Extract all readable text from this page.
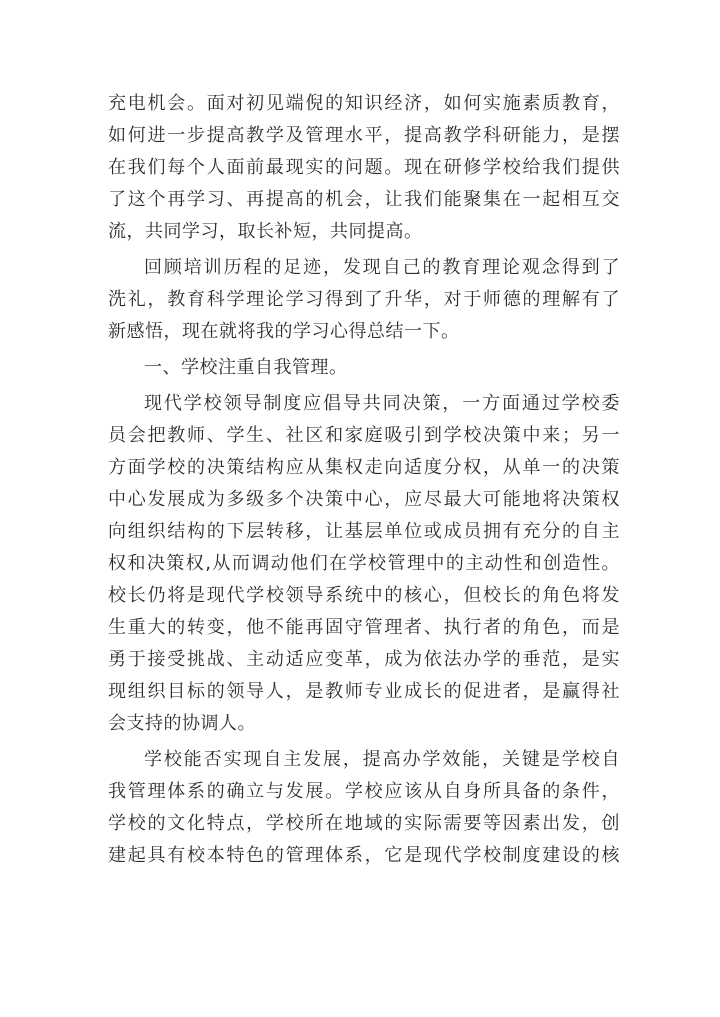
充电机会。面对初见端倪的知识经济，如何实施素质教育，
如何进一步提高教学及管理水平，提高教学科研能力，是摆
在我们每个人面前最现实的问题。现在研修学校给我们提供
了这个再学习、再提高的机会，让我们能聚集在一起相互交
流，共同学习，取长补短，共同提高。
回顾培训历程的足迹，发现自己的教育理论观念得到了
洗礼，教育科学理论学习得到了升华，对于师德的理解有了
新感悟，现在就将我的学习心得总结一下。
一、学校注重自我管理。
现代学校领导制度应倡导共同决策，一方面通过学校委
员会把教师、学生、社区和家庭吸引到学校决策中来；另一
方面学校的决策结构应从集权走向适度分权，从单一的决策
中心发展成为多级多个决策中心，应尽最大可能地将决策权
向组织结构的下层转移，让基层单位或成员拥有充分的自主
权和决策权,从而调动他们在学校管理中的主动性和创造性。
校长仍将是现代学校领导系统中的核心，但校长的角色将发
生重大的转变，他不能再固守管理者、执行者的角色，而是
勇于接受挑战、主动适应变革，成为依法办学的垂范，是实
现组织目标的领导人，是教师专业成长的促进者，是赢得社
会支持的协调人。
学校能否实现自主发展，提高办学效能，关键是学校自
我管理体系的确立与发展。学校应该从自身所具备的条件，
学校的文化特点，学校所在地域的实际需要等因素出发，创
建起具有校本特色的管理体系，它是现代学校制度建设的核
